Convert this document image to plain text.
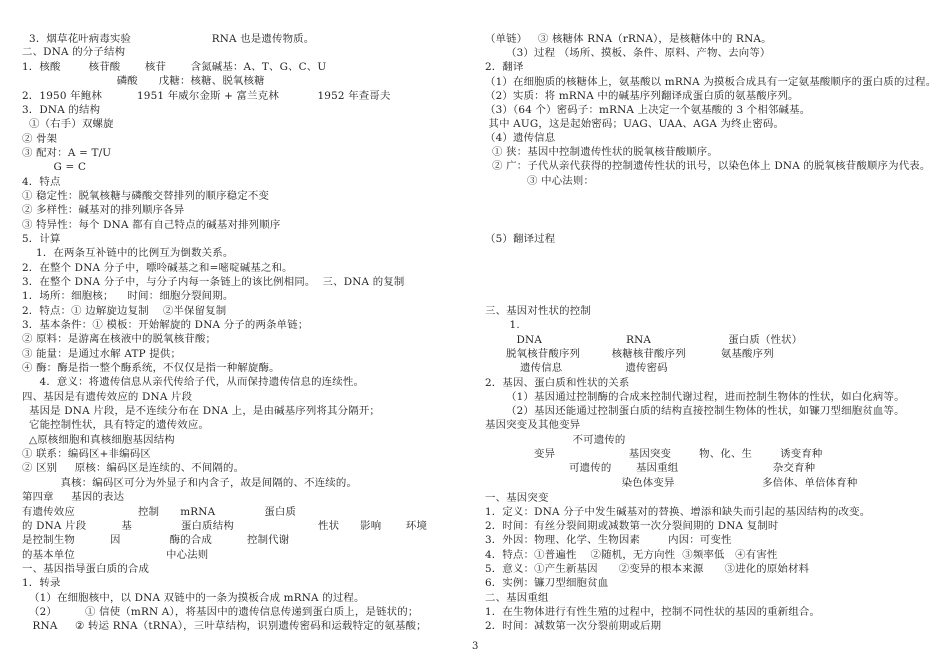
3．烟草花叶病毒实验                       RNA 也是遗传物质。
二、DNA 的分子结构
1．核酸        核苷酸       核苷       含氮碱基：A、T、G、C、U
磷酸      戊糖：核糖、脱氧核糖
2．1950 年鲍林          1951 年威尔金斯 + 富兰克林           1952 年查哥夫
3．DNA 的结构
①（右手）双螺旋
② 骨架
③ 配对：A = T/U
G = C
4．特点
① 稳定性：脱氧核糖与磷酸交替排列的顺序稳定不变
② 多样性：碱基对的排列顺序各异
③ 特异性：每个 DNA 都有自己特点的碱基对排列顺序
5．计算
1．在两条互补链中的比例互为倒数关系。
2．在整个 DNA 分子中，嘌呤碱基之和=嘧啶碱基之和。
3．在整个 DNA 分子中，与分子内每一条链上的该比例相同。  三、DNA 的复制
1．场所：细胞核；    时间：细胞分裂间期。
2．特点：① 边解旋边复制    ②半保留复制
3．基本条件：① 模板：开始解旋的 DNA 分子的两条单链；
② 原料：是游离在核液中的脱氧核苷酸；
③ 能量：是通过水解 ATP 提供；
④ 酶：酶是指一整个酶系统，不仅仅是指一种解旋酶。
4．意义：将遗传信息从亲代传给子代，从而保持遗传信息的连续性。
四、基因是有遗传效应的 DNA 片段
基因是 DNA 片段，是不连续分布在 DNA 上，是由碱基序列将其分隔开；
它能控制性状，具有特定的遗传效应。
△原核细胞和真核细胞基因结构
① 联系：编码区+非编码区
② 区别     原核：编码区是连续的、不间隔的。
真核：编码区可分为外显子和内含子，故是间隔的、不连续的。
第四章     基因的表达
有遗传效应                  控制      mRNA              蛋白质
的 DNA 片段          基              蛋白质结构                        性状      影响       环境
是控制生物          因              酶的合成          控制代谢
的基本单位                          中心法则
一、基因指导蛋白质的合成
1．转录
（1）在细胞核中，以 DNA 双链中的一条为摸板合成 mRNA 的过程。
（2）        ① 信使（mRN A），将基因中的遗传信息传递到蛋白质上，是链状的；
RNA     ② 转运 RNA（tRNA），三叶草结构，识别遗传密码和运载特定的氨基酸；
（单链）   ③ 核糖体 RNA（rRNA），是核糖体中的 RNA。
（3）过程 （场所、摸板、条件、原料、产物、去向等）
2．翻译
（1）在细胞质的核糖体上，氨基酸以 mRNA 为摸板合成具有一定氨基酸顺序的蛋白质的过程。
（2）实质：将 mRNA 中的碱基序列翻译成蛋白质的氨基酸序列。
（3）（64 个）密码子：mRNA 上决定一个氨基酸的 3 个相邻碱基。
其中 AUG，这是起始密码；UAG、UAA、AGA 为终止密码。
（4）遗传信息
① 狭：基因中控制遗传性状的脱氧核苷酸顺序。
② 广：子代从亲代获得的控制遗传性状的讯号，以染色体上 DNA 的脱氧核苷酸顺序为代表。
③ 中心法则：
（5）翻译过程
三、基因对性状的控制
1.
DNA                        RNA                      蛋白质（性状）
脱氧核苷酸序列         核糖核苷酸序列          氨基酸序列
遗传信息                  遗传密码
2．基因、蛋白质和性状的关系
（1）基因通过控制酶的合成来控制代谢过程，进而控制生物体的性状，如白化病等。
（2）基因还能通过控制蛋白质的结构直接控制生物体的性状，如镰刀型细胞贫血等。
基因突变及其他变异
不可遗传的
变异                     基因突变        物、化、生        诱变育种
可遗传的       基因重组                           杂交育种
染色体变异                         多倍体、单倍体育种
一、基因突变
1．定义：DNA 分子中发生碱基对的替换、增添和缺失而引起的基因结构的改变。
2．时间：有丝分裂间期或减数第一次分裂间期的 DNA 复制时
3．外因：物理、化学、生物因素        内因：可变性
4．特点：①普遍性    ②随机，无方向性  ③频率低   ④有害性
5．意义：①产生新基因      ②变异的根本来源      ③进化的原始材料
6．实例：镰刀型细胞贫血
二、基因重组
1．在生物体进行有性生殖的过程中，控制不同性状的基因的重新组合。
2．时间：减数第一次分裂前期或后期
3
